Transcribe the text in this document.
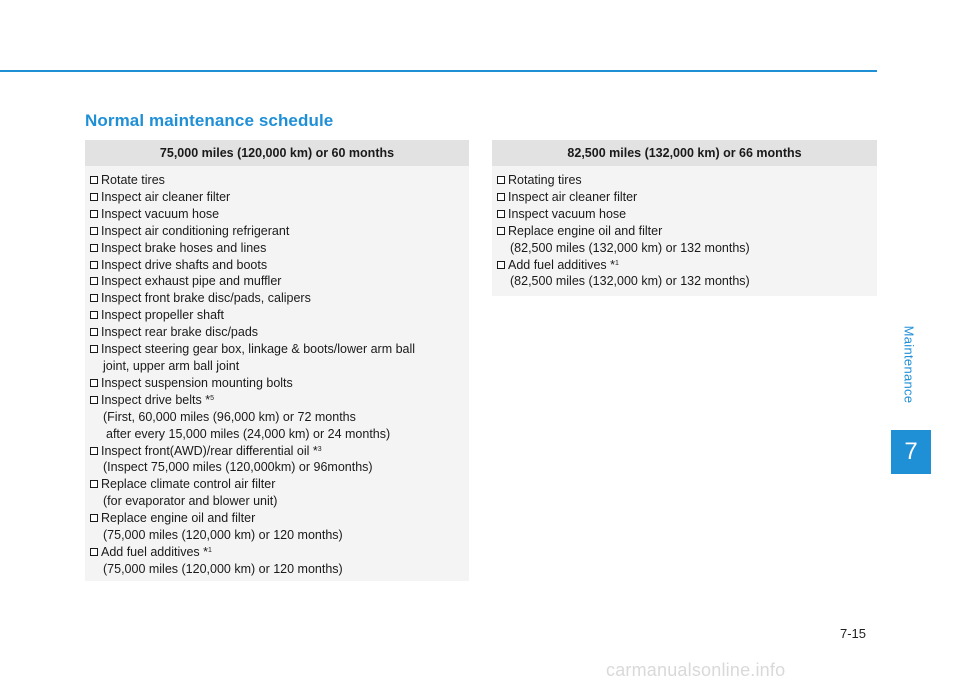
Normal maintenance schedule
75,000 miles (120,000 km) or 60 months
Rotate tires
Inspect air cleaner filter
Inspect vacuum hose
Inspect air conditioning refrigerant
Inspect brake hoses and lines
Inspect drive shafts and boots
Inspect exhaust pipe and muffler
Inspect front brake disc/pads, calipers
Inspect propeller shaft
Inspect rear brake disc/pads
Inspect steering gear box, linkage & boots/lower arm ball
joint, upper arm ball joint
Inspect suspension mounting bolts
Inspect drive belts *$^5$
(First, 60,000 miles (96,000 km) or 72 months
after every 15,000 miles (24,000 km) or 24 months)
Inspect front(AWD)/rear differential oil *$^3$
(Inspect 75,000 miles (120,000km) or 96months)
Replace climate control air filter
(for evaporator and blower unit)
Replace engine oil and filter
(75,000 miles (120,000 km) or 120 months)
Add fuel additives *$^1$
(75,000 miles (120,000 km) or 120 months)
82,500 miles (132,000 km) or 66 months
Rotating tires
Inspect air cleaner filter
Inspect vacuum hose
Replace engine oil and filter
(82,500 miles (132,000 km) or 132 months)
Add fuel additives *$^1$
(82,500 miles (132,000 km) or 132 months)
Maintenance
7
7-15
carmanualsonline.info
